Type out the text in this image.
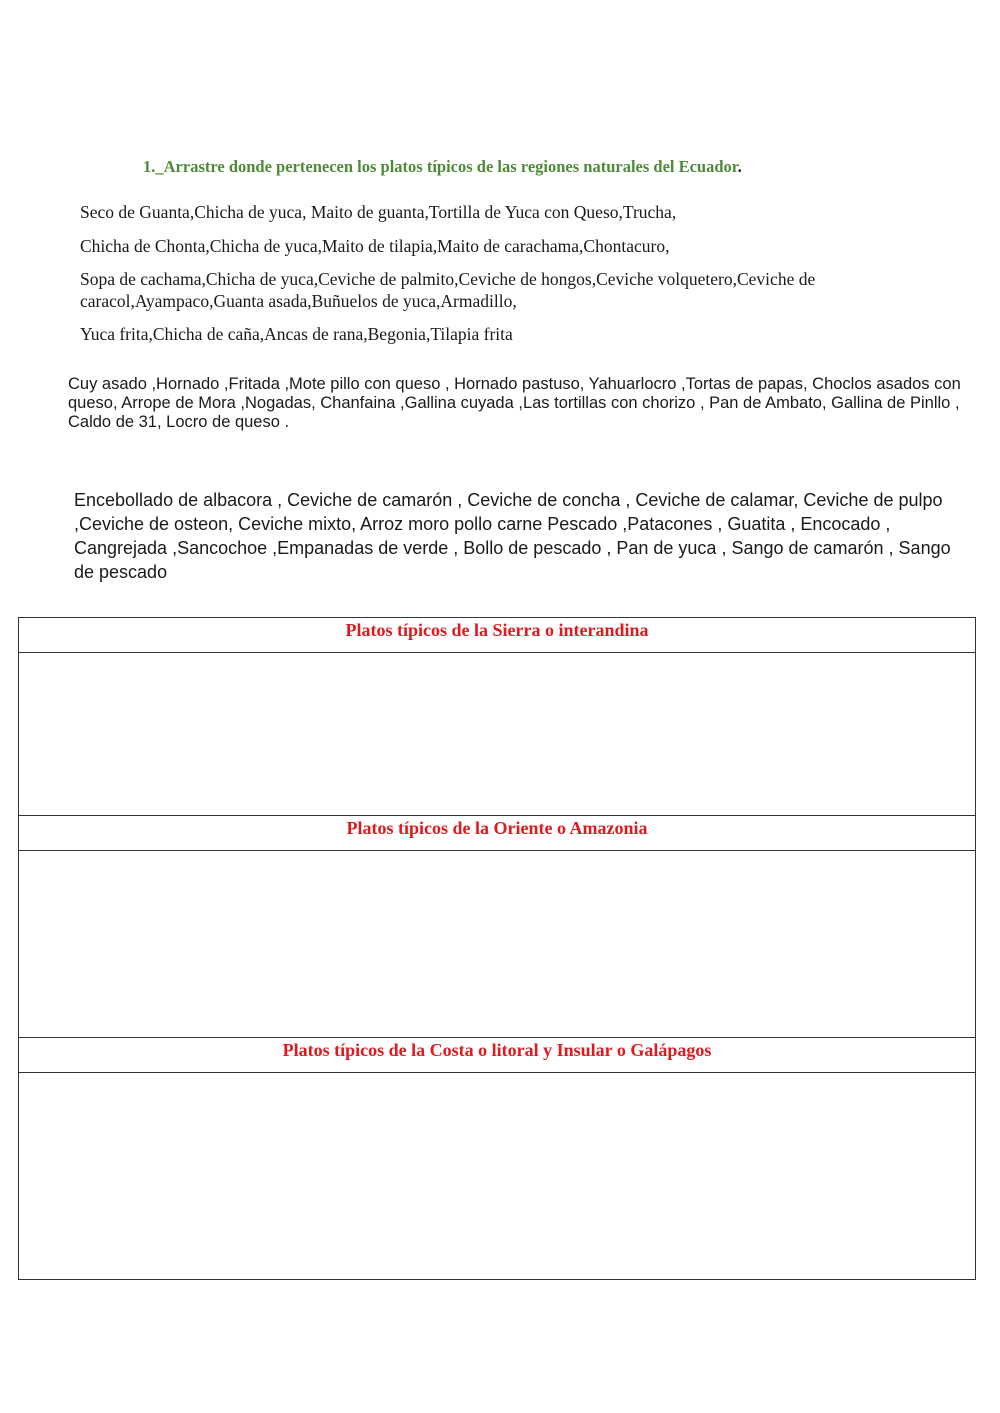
1._Arrastre donde pertenecen los platos típicos de las regiones naturales del Ecuador.
Seco de Guanta,Chicha de yuca, Maito de guanta,Tortilla de Yuca con Queso,Trucha,
Chicha de Chonta,Chicha de yuca,Maito de tilapia,Maito de carachama,Chontacuro,
Sopa de cachama,Chicha de yuca,Ceviche de palmito,Ceviche de hongos,Ceviche volquetero,Ceviche de caracol,Ayampaco,Guanta asada,Buñuelos de yuca,Armadillo,
Yuca frita,Chicha de caña,Ancas de rana,Begonia,Tilapia frita
Cuy asado ,Hornado ,Fritada ,Mote pillo con queso , Hornado pastuso, Yahuarlocro ,Tortas de papas, Choclos asados con queso, Arrope de Mora ,Nogadas, Chanfaina ,Gallina cuyada ,Las tortillas con chorizo , Pan de Ambato, Gallina de Pinllo , Caldo de 31, Locro de queso .
Encebollado de albacora , Ceviche de camarón , Ceviche de concha , Ceviche de calamar, Ceviche de pulpo ,Ceviche de osteon, Ceviche mixto, Arroz moro pollo carne Pescado ,Patacones , Guatita , Encocado , Cangrejada ,Sancochoe ,Empanadas de verde , Bollo de pescado , Pan de yuca , Sango de camarón , Sango de pescado
Platos típicos de la Sierra o interandina
Platos típicos de la Oriente o Amazonia
Platos típicos de la Costa o litoral y Insular o Galápagos
